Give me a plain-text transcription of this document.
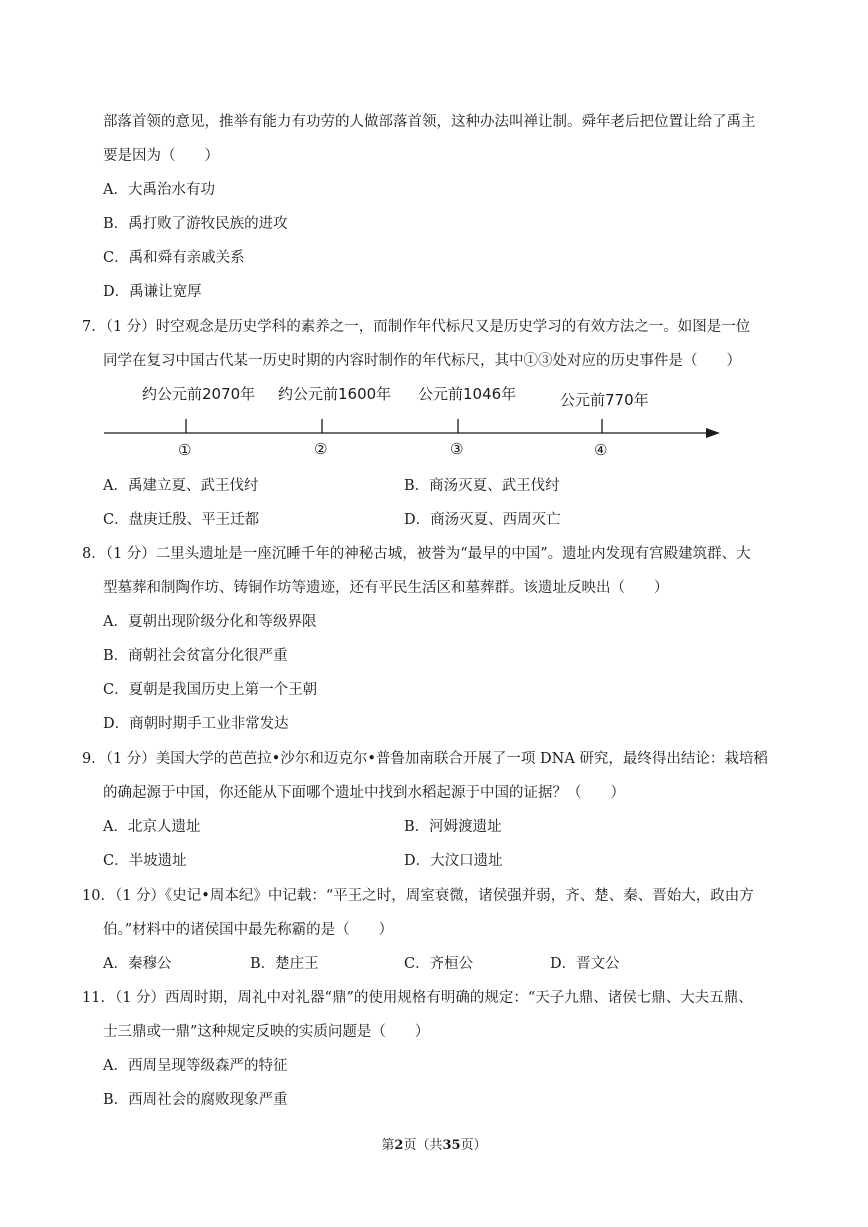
部落首领的意见，推举有能力有功劳的人做部落首领，这种办法叫禅让制。舜年老后把位置让给了禹主
要是因为（　　）
A．大禹治水有功
B．禹打败了游牧民族的进攻
C．禹和舜有亲戚关系
D．禹谦让宽厚
7．（1 分）时空观念是历史学科的素养之一，而制作年代标尺又是历史学习的有效方法之一。如图是一位
同学在复习中国古代某一历史时期的内容时制作的年代标尺，其中①③处对应的历史事件是（　　）
约公元前2070年 约公元前1600年 公元前1046年	公元前770年
①	②	③	④
A．禹建立夏、武王伐纣	B．商汤灭夏、武王伐纣
C．盘庚迁殷、平王迁都	D．商汤灭夏、西周灭亡
8．（1 分）二里头遗址是一座沉睡千年的神秘古城，被誉为“最早的中国”。遗址内发现有宫殿建筑群、大
型墓葬和制陶作坊、铸铜作坊等遗迹，还有平民生活区和墓葬群。该遗址反映出（　　）
A．夏朝出现阶级分化和等级界限
B．商朝社会贫富分化很严重
C．夏朝是我国历史上第一个王朝
D．商朝时期手工业非常发达
9．（1 分）美国大学的芭芭拉•沙尔和迈克尔•普鲁加南联合开展了一项 DNA 研究，最终得出结论：栽培稻
的确起源于中国，你还能从下面哪个遗址中找到水稻起源于中国的证据？（　　）
A．北京人遗址	B．河姆渡遗址
C．半坡遗址	D．大汶口遗址
10．（1 分）《史记•周本纪》中记载：“平王之时，周室衰微，诸侯强并弱，齐、楚、秦、晋始大，政由方
伯。”材料中的诸侯国中最先称霸的是（　　）
A．秦穆公	B．楚庄王	C．齐桓公	D．晋文公
11．（1 分）西周时期，周礼中对礼器“鼎”的使用规格有明确的规定：“天子九鼎、诸侯七鼎、大夫五鼎、
士三鼎或一鼎”这种规定反映的实质问题是（　　）
A．西周呈现等级森严的特征
B．西周社会的腐败现象严重
第2页（共35页）
